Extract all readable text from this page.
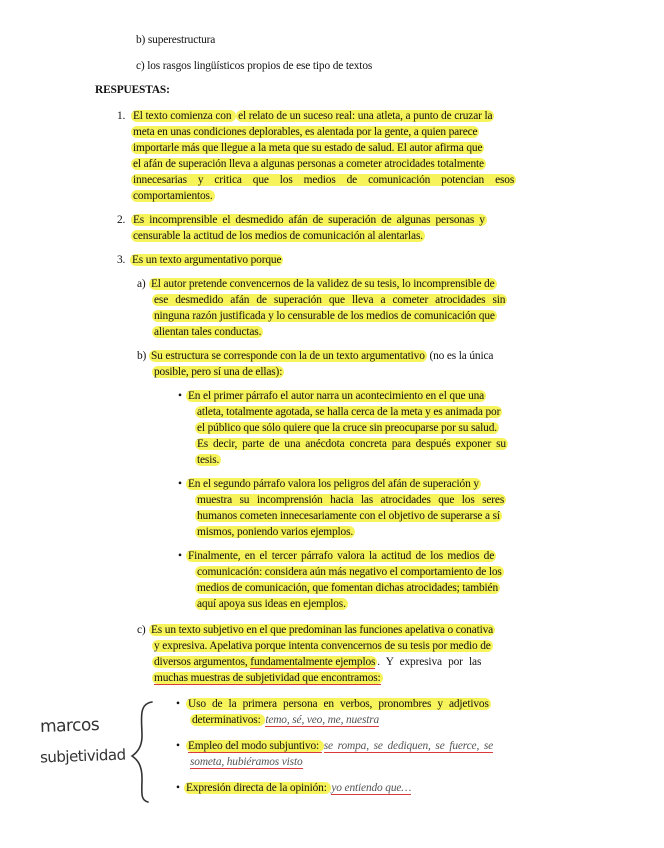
b) superestructura
c) los rasgos lingüísticos propios de ese tipo de textos
RESPUESTAS:
1. El texto comienza con el relato de un suceso real: una atleta, a punto de cruzar la
meta en unas condiciones deplorables, es alentada por la gente, a quien parece
importarle más que llegue a la meta que su estado de salud. El autor afirma que
el afán de superación lleva a algunas personas a cometer atrocidades totalmente
innecesarias y critica que los medios de comunicación potencian esos
comportamientos.
2. Es incomprensible el desmedido afán de superación de algunas personas y
censurable la actitud de los medios de comunicación al alentarlas.
3. Es un texto argumentativo porque
a) El autor pretende convencernos de la validez de su tesis, lo incomprensible de
ese desmedido afán de superación que lleva a cometer atrocidades sin
ninguna razón justificada y lo censurable de los medios de comunicación que
alientan tales conductas.
b) Su estructura se corresponde con la de un texto argumentativo (no es la única
posible, pero sí una de ellas):
• En el primer párrafo el autor narra un acontecimiento en el que una
atleta, totalmente agotada, se halla cerca de la meta y es animada por
el público que sólo quiere que la cruce sin preocuparse por su salud.
Es decir, parte de una anécdota concreta para después exponer su
tesis.
• En el segundo párrafo valora los peligros del afán de superación y
muestra su incomprensión hacia las atrocidades que los seres
humanos cometen innecesariamente con el objetivo de superarse a sí
mismos, poniendo varios ejemplos.
• Finalmente, en el tercer párrafo valora la actitud de los medios de
comunicación: considera aún más negativo el comportamiento de los
medios de comunicación, que fomentan dichas atrocidades; también
aquí apoya sus ideas en ejemplos.
c) Es un texto subjetivo en el que predominan las funciones apelativa o conativa
y expresiva. Apelativa porque intenta convencernos de su tesis por medio de
diversos argumentos, fundamentalmente ejemplos . Y expresiva por las
muchas muestras de subjetividad que encontramos:
• Uso de la primera persona en verbos, pronombres y adjetivos
determinativos: temo, sé, veo, me, nuestra
• Empleo del modo subjuntivo: se rompa, se dediquen, se fuerce, se
someta, hubiéramos visto
• Expresión directa de la opinión: yo entiendo que…
marcos
subjetividad
